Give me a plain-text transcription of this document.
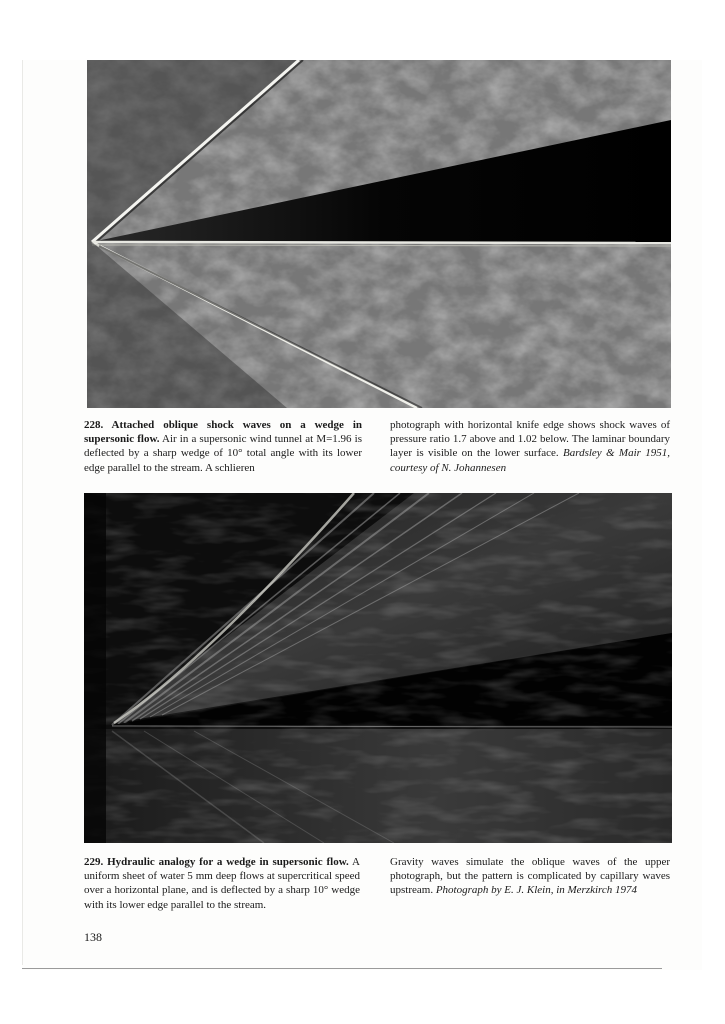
228. Attached oblique shock waves on a wedge in supersonic flow. Air in a supersonic wind tunnel at M=1.96 is deflected by a sharp wedge of 10° total angle with its lower edge parallel to the stream. A schlieren
photograph with horizontal knife edge shows shock waves of pressure ratio 1.7 above and 1.02 below. The laminar boundary layer is visible on the lower surface. Bardsley & Mair 1951, courtesy of N. Johannesen
229. Hydraulic analogy for a wedge in supersonic flow. A uniform sheet of water 5 mm deep flows at supercritical speed over a horizontal plane, and is deflected by a sharp 10° wedge with its lower edge parallel to the stream.
Gravity waves simulate the oblique waves of the upper photograph, but the pattern is complicated by capillary waves upstream. Photograph by E. J. Klein, in Merzkirch 1974
138
